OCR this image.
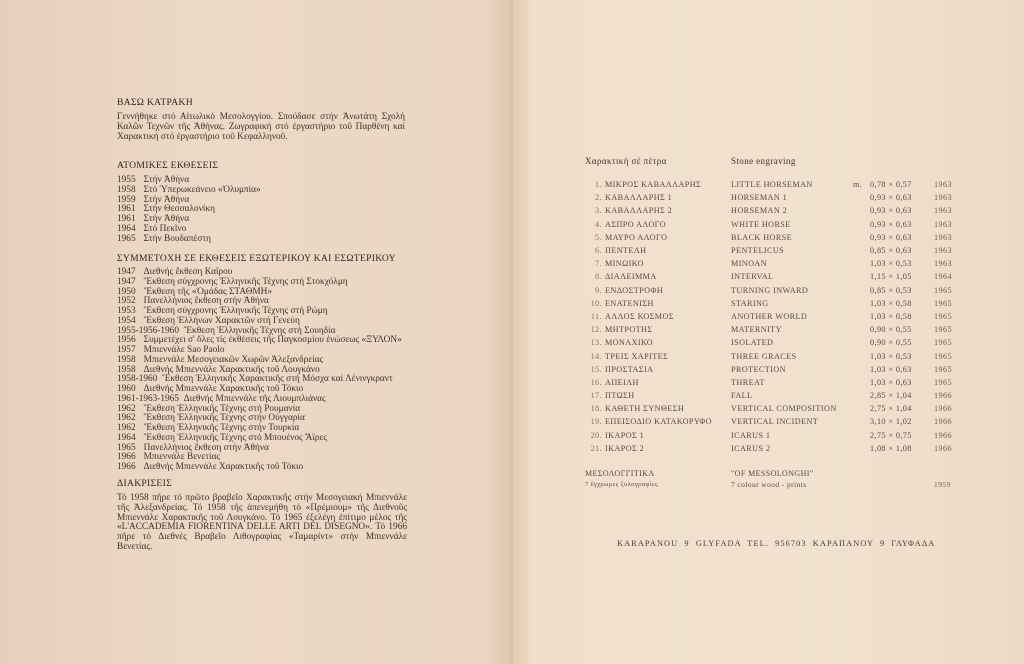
ΒΑΣΩ ΚΑΤΡΑΚΗ
Γεννήθηκε στό Αἰτωλικό Μεσολογγίου. Σπούδασε στήν Ἀνωτάτη Σχολή Καλῶν Τεχνῶν τῆς Ἀθήνας. Ζωγραφική στό ἐργαστήριο τοῦ Παρθένη καί Χαρακτική στό ἐργαστήριο τοῦ Κεφαλληνοῦ.
ΑΤΟΜΙΚΕΣ ΕΚΘΕΣΕΙΣ
1955 Στήν Ἀθήνα
1958 Στό Ὑπερωκεάνειο «Ὀλυμπία»
1959 Στήν Ἀθήνα
1961 Στήν Θεσσαλονίκη
1961 Στήν Ἀθήνα
1964 Στό Πεκῖνο
1965 Στήν Βουδαπέστη
ΣΥΜΜΕΤΟΧΗ ΣΕ ΕΚΘΕΣΕΙΣ ΕΞΩΤΕΡΙΚΟΥ ΚΑΙ ΕΣΩΤΕΡΙΚΟΥ
1947 Διεθνής ἔκθεση Καΐρου
1947 Ἔκθεση σύγχρονης Ἑλληνικῆς Τέχνης στή Στοκχόλμη
1950 Ἔκθεση τῆς «Ὁμάδας ΣΤΑΘΜΗ»
1952 Πανελλήνιος ἔκθεση στήν Ἀθήνα
1953 Ἔκθεση σύγχρονης Ἑλληνικῆς Τέχνης στή Ρώμη
1954 Ἔκθεση Ἑλλήνων Χαρακτῶν στή Γενεύη
1955-1956-1960 Ἔκθεση Ἑλληνικῆς Τέχνης στή Σουηδία
1956 Συμμετέχει σ' ὅλες τίς ἐκθέσεις τῆς Παγκοσμίου ἑνώσεως «ΞΥΛΟΝ»
1957 Μπιεννάλε Sao Paolo
1958 Μπιεννάλε Μεσογειακῶν Χωρῶν Ἀλεξανδρείας
1958 Διεθνής Μπιεννάλε Χαρακτικῆς τοῦ Λουγκάνο
1958-1960 Ἔκθεση Ἑλληνικῆς Χαρακτικῆς στή Μόσχα καί Λένινγκραντ
1960 Διεθνής Μπιεννάλε Χαρακτικῆς τοῦ Τόκιο
1961-1963-1965 Διεθνής Μπιεννάλε τῆς Λιουμπλιάνας
1962 Ἔκθεση Ἑλληνικῆς Τέχνης στή Ρουμανία
1962 Ἔκθεση Ἑλληνικῆς Τέχνης στήν Οὑγγαρία
1962 Ἔκθεση Ἑλληνικῆς Τέχνης στήν Τουρκία
1964 Ἔκθεση Ἑλληνικῆς Τέχνης στό Μπουένος Ἄϊρες
1965 Πανελλήνιος ἔκθεση στήν Ἀθήνα
1966 Μπιεννάλε Βενετίας
1966 Διεθνής Μπιεννάλε Χαρακτικῆς τοῦ Τόκιο
ΔΙΑΚΡΙΣΕΙΣ
Τό 1958 πῆρε τό πρῶτο βραβεῖο Χαρακτικῆς στήν Μεσογειακή Μπιεννάλε τῆς Ἀλεξανδρείας. Τό 1958 τῆς ἀπενεμήθη τό «Πρέμιουμ» τῆς Διεθνοῦς Μπιεννάλε Χαρακτικῆς τοῦ Λουγκάνο. Τό 1965 ἐξελέγη ἐπίτιμο μέλος τῆς «L'ACCADEMIA FIORENTINA DELLE ARTI DEL DISEGNO». Τό 1966 πῆρε τό Διεθνές Βραβεῖο Λιθογραφίας «Ταμαρίντ» στήν Μπιεννάλε Βενετίας.
Χαρακτική σέ πέτρα		Stone engraving			
1.	ΜΙΚΡΟΣ ΚΑΒΑΛΛΑΡΗΣ	LITTLE HORSEMAN	m.	0,78 × 0,57	1963
2.	ΚΑΒΑΛΛΑΡΗΣ 1	HORSEMAN 1		0,93 × 0,63	1963
3.	ΚΑΒΑΛΛΑΡΗΣ 2	HORSEMAN 2		0,93 × 0,63	1963
4.	ΑΣΠΡΟ ΑΛΟΓΟ	WHITE HORSE		0,93 × 0,63	1963
5.	ΜΑΥΡΟ ΑΛΟΓΟ	BLACK HORSE		0,93 × 0,63	1963
6.	ΠΕΝΤΕΛΗ	PENTELICUS		0,85 × 0,63	1963
7.	ΜΙΝΩΙΚΟ	MINOAN		1,03 × 0,53	1963
8.	ΔΙΑΛΕΙΜΜΑ	INTERVAL		1,15 × 1,05	1964
9.	ΕΝΔΟΣΤΡΟΦΗ	TURNING INWARD		0,85 × 0,53	1965
10.	ΕΝΑΤΕΝΙΣΗ	STARING		1,03 × 0,58	1965
11.	ΑΛΛΟΣ ΚΟΣΜΟΣ	ANOTHER WORLD		1,03 × 0,58	1965
12.	ΜΗΤΡΟΤΗΣ	MATERNITY		0,90 × 0,55	1965
13.	ΜΟΝΑΧΙΚΟ	ISOLATED		0,90 × 0,55	1965
14.	ΤΡΕΙΣ ΧΑΡΙΤΕΣ	THREE GRACES		1,03 × 0,53	1965
15.	ΠΡΟΣΤΑΣΙΑ	PROTECTION		1,03 × 0,63	1965
16.	ΑΠΕΙΛΗ	THREAT		1,03 × 0,63	1965
17.	ΠΤΩΣΗ	FALL		2,85 × 1,04	1966
18.	ΚΑΘΕΤΗ ΣΥΝΘΕΣΗ	VERTICAL COMPOSITION		2,75 × 1,04	1966
19.	ΕΠΕΙΣΟΔΙΟ ΚΑΤΑΚΟΡΥΦΟ	VERTICAL INCIDENT		3,10 × 1,02	1966
20.	ΙΚΑΡΟΣ 1	ICARUS 1		2,75 × 0,75	1966
21.	ΙΚΑΡΟΣ 2	ICARUS 2		1,08 × 1,08	1966

ΜΕΣΟΛΟΓΓΙΤΙΚΑ		"OF MESSOLONGHI"			
7 ἔγχρωμες ξυλογραφίες		7 colour wood - prints			1959
KARAPANOU 9 GLYFADA TEL. 956703 ΚΑΡΑΠΑΝΟΥ 9 ΓΛΥΦΑΔΑ
